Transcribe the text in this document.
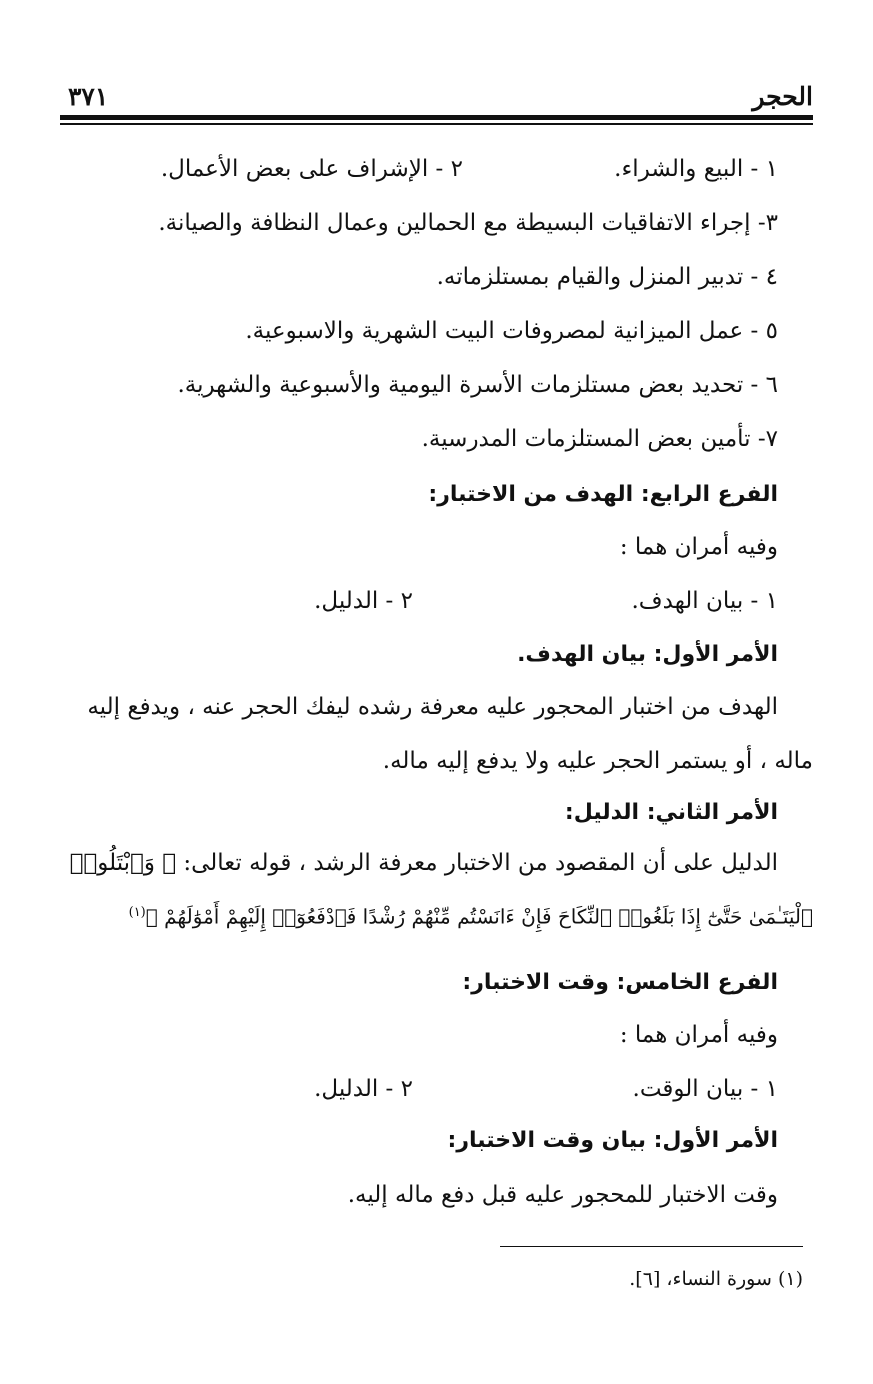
الحجر
٣٧١
١ - البيع والشراء.
٢ - الإشراف على بعض الأعمال.
٣- إجراء الاتفاقيات البسيطة مع الحمالين وعمال النظافة والصيانة.
٤ - تدبير المنزل والقيام بمستلزماته.
٥ - عمل الميزانية لمصروفات البيت الشهرية والاسبوعية.
٦ - تحديد بعض مستلزمات الأسرة اليومية والأسبوعية والشهرية.
٧- تأمين بعض المستلزمات المدرسية.
الفرع الرابع: الهدف من الاختبار:
وفيه أمران هما :
١ - بيان الهدف.
٢ - الدليل.
الأمر الأول: بيان الهدف.
الهدف من اختبار المحجور عليه معرفة رشده ليفك الحجر عنه ، ويدفع إليه
ماله ، أو يستمر الحجر عليه ولا يدفع إليه ماله.
الأمر الثاني: الدليل:
الدليل على أن المقصود من الاختبار معرفة الرشد ، قوله تعالى: ﴿ وَٱبْتَلُوا۟
ٱلْيَتَـٰمَىٰ حَتَّىٰٓ إِذَا بَلَغُوا۟ ٱلنِّكَاحَ فَإِنْ ءَانَسْتُم مِّنْهُمْ رُشْدًا فَٱدْفَعُوٓا۟ إِلَيْهِمْ أَمْوَٰلَهُمْ ﴾$^{(١)}$
الفرع الخامس: وقت الاختبار:
وفيه أمران هما :
١ - بيان الوقت.
٢ - الدليل.
الأمر الأول: بيان وقت الاختبار:
وقت الاختبار للمحجور عليه قبل دفع ماله إليه.
(١) سورة النساء، [٦].
